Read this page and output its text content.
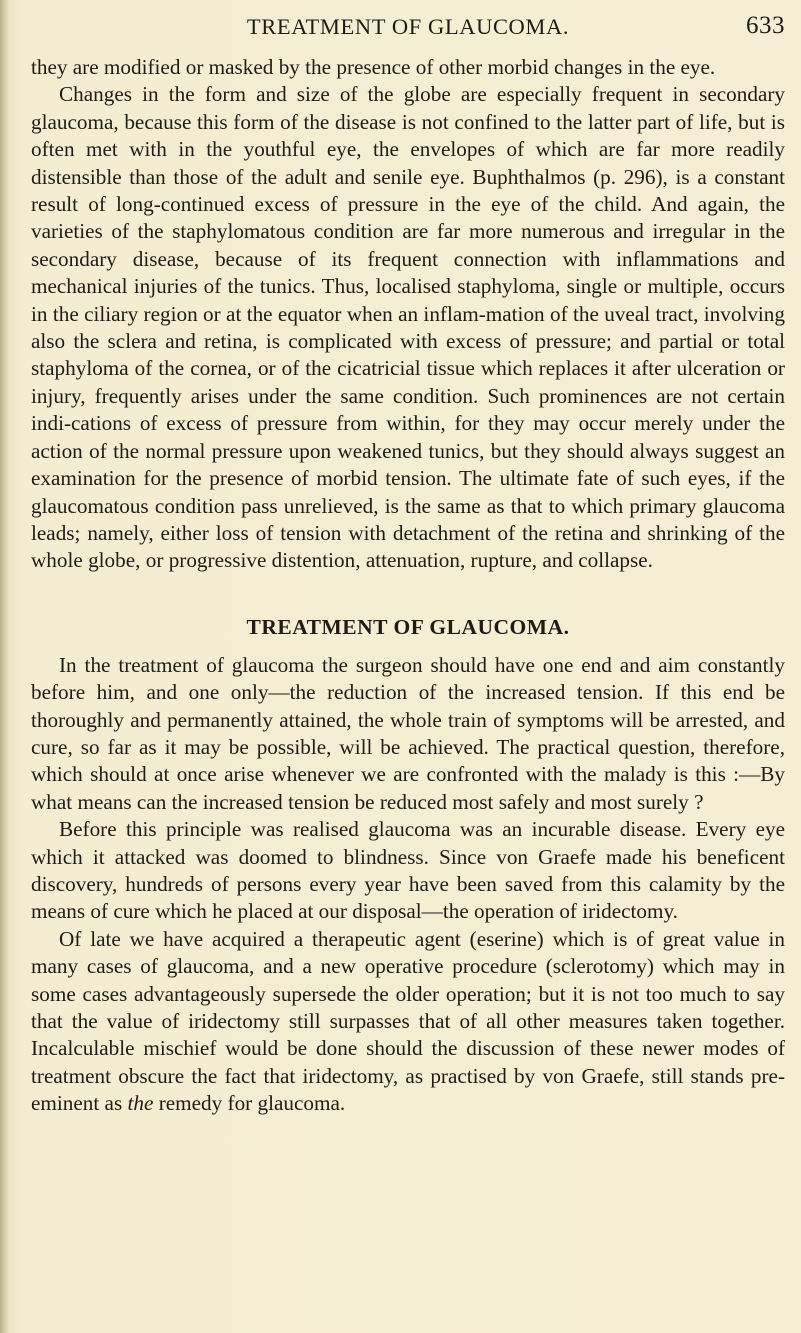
TREATMENT OF GLAUCOMA.	633

they are modified or masked by the presence of other morbid changes in the eye.

Changes in the form and size of the globe are especially frequent in secondary glaucoma, because this form of the disease is not confined to the latter part of life, but is often met with in the youthful eye, the envelopes of which are far more readily distensible than those of the adult and senile eye. Buphthalmos (p. 296), is a constant result of long-continued excess of pressure in the eye of the child. And again, the varieties of the staphylomatous condition are far more numerous and irregular in the secondary disease, because of its frequent connection with inflammations and mechanical injuries of the tunics. Thus, localised staphyloma, single or multiple, occurs in the ciliary region or at the equator when an inflam-mation of the uveal tract, involving also the sclera and retina, is complicated with excess of pressure; and partial or total staphyloma of the cornea, or of the cicatricial tissue which replaces it after ulceration or injury, frequently arises under the same condition. Such prominences are not certain indi-cations of excess of pressure from within, for they may occur merely under the action of the normal pressure upon weakened tunics, but they should always suggest an examination for the presence of morbid tension. The ultimate fate of such eyes, if the glaucomatous condition pass unrelieved, is the same as that to which primary glaucoma leads; namely, either loss of tension with detachment of the retina and shrinking of the whole globe, or progressive distention, attenuation, rupture, and collapse.

TREATMENT OF GLAUCOMA.

In the treatment of glaucoma the surgeon should have one end and aim constantly before him, and one only—the reduction of the increased tension. If this end be thoroughly and permanently attained, the whole train of symptoms will be arrested, and cure, so far as it may be possible, will be achieved. The practical question, therefore, which should at once arise whenever we are confronted with the malady is this :—By what means can the increased tension be reduced most safely and most surely ?

Before this principle was realised glaucoma was an incurable disease. Every eye which it attacked was doomed to blindness. Since von Graefe made his beneficent discovery, hundreds of persons every year have been saved from this calamity by the means of cure which he placed at our disposal—the operation of iridectomy.

Of late we have acquired a therapeutic agent (eserine) which is of great value in many cases of glaucoma, and a new operative procedure (sclerotomy) which may in some cases advantageously supersede the older operation; but it is not too much to say that the value of iridectomy still surpasses that of all other measures taken together. Incalculable mischief would be done should the discussion of these newer modes of treatment obscure the fact that iridectomy, as practised by von Graefe, still stands pre-eminent as the remedy for glaucoma.
